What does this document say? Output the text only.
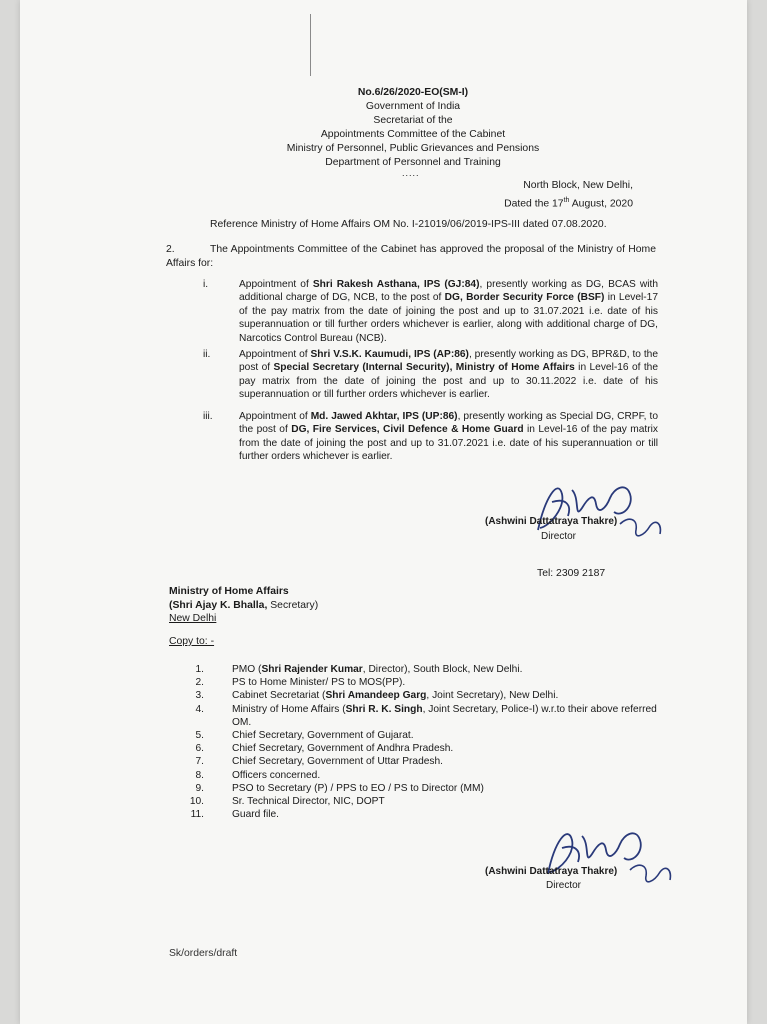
No.6/26/2020-EO(SM-I)
Government of India
Secretariat of the
Appointments Committee of the Cabinet
Ministry of Personnel, Public Grievances and Pensions
Department of Personnel and Training
.....
North Block, New Delhi,
Dated the 17th August, 2020
Reference Ministry of Home Affairs OM No. I-21019/06/2019-IPS-III dated 07.08.2020.
2.	The Appointments Committee of the Cabinet has approved the proposal of the Ministry of Home Affairs for:
i.	Appointment of Shri Rakesh Asthana, IPS (GJ:84), presently working as DG, BCAS with additional charge of DG, NCB, to the post of DG, Border Security Force (BSF) in Level-17 of the pay matrix from the date of joining the post and up to 31.07.2021 i.e. date of his superannuation or till further orders whichever is earlier, along with additional charge of DG, Narcotics Control Bureau (NCB).
ii.	Appointment of Shri V.S.K. Kaumudi, IPS (AP:86), presently working as DG, BPR&D, to the post of Special Secretary (Internal Security), Ministry of Home Affairs in Level-16 of the pay matrix from the date of joining the post and up to 30.11.2022 i.e. date of his superannuation or till further orders whichever is earlier.
iii.	Appointment of Md. Jawed Akhtar, IPS (UP:86), presently working as Special DG, CRPF, to the post of DG, Fire Services, Civil Defence & Home Guard in Level-16 of the pay matrix from the date of joining the post and up to 31.07.2021 i.e. date of his superannuation or till further orders whichever is earlier.
(Ashwini Dattatraya Thakre)
Director
Tel: 2309 2187
Ministry of Home Affairs
(Shri Ajay K. Bhalla, Secretary)
New Delhi
Copy to: -
1.	PMO (Shri Rajender Kumar, Director), South Block, New Delhi.
2.	PS to Home Minister/ PS to MOS(PP).
3.	Cabinet Secretariat (Shri Amandeep Garg, Joint Secretary), New Delhi.
4.	Ministry of Home Affairs (Shri R. K. Singh, Joint Secretary, Police-I) w.r.to their above referred OM.
5.	Chief Secretary, Government of Gujarat.
6.	Chief Secretary, Government of Andhra Pradesh.
7.	Chief Secretary, Government of Uttar Pradesh.
8.	Officers concerned.
9.	PSO to Secretary (P) / PPS to EO / PS to Director (MM)
10.	Sr. Technical Director, NIC, DOPT
11.	Guard file.
(Ashwini Dattatraya Thakre)
Director
Sk/orders/draft
